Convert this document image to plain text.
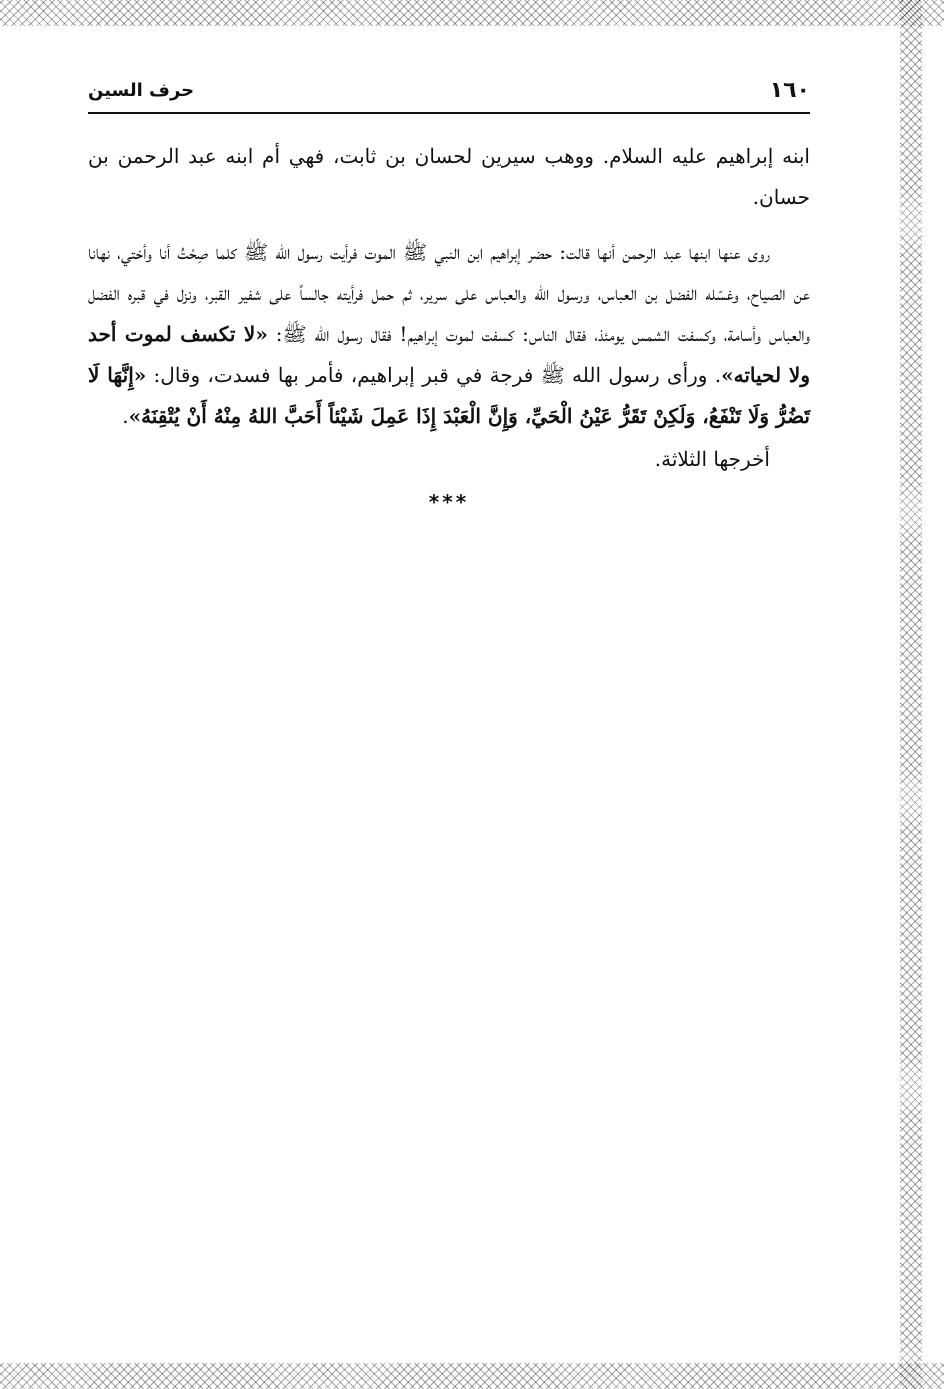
١٦٠
حرف السين

ابنه إبراهيم عليه السلام. ووهب سيرين لحسان بن ثابت، فهي أم ابنه عبد الرحمن بن حسان.

روى عنها ابنها عبد الرحمن أنها قالت: حضر إبراهيم ابن النبي ﷺ الموت فرأيت رسول الله ﷺ كلما صِحْتُ أنا وأختي، نهانا عن الصياح، وغسّله الفضل بن العباس، ورسول الله والعباس على سرير، ثم حمل فرأيته جالساً على شفير القبر، ونزل في قبره الفضل والعباس وأسامة، وكسفت الشمس يومئذ، فقال الناس: كسفت لموت إبراهيم! فقال رسول الله ﷺ: «لا تكسف لموت أحد ولا لحياته». ورأى رسول الله ﷺ فرجة في قبر إبراهيم، فأمر بها فسدت، وقال: «إِنَّهَا لَا تَضُرُّ وَلَا تَنْفَعُ، وَلَكِنْ تَقَرُّ عَيْنُ الْحَيِّ، وَإِنَّ الْعَبْدَ إِذَا عَمِلَ شَيْئاً أَحَبَّ اللهُ مِنْهُ أَنْ يُتْقِنَهُ».

أخرجها الثلاثة.

***
